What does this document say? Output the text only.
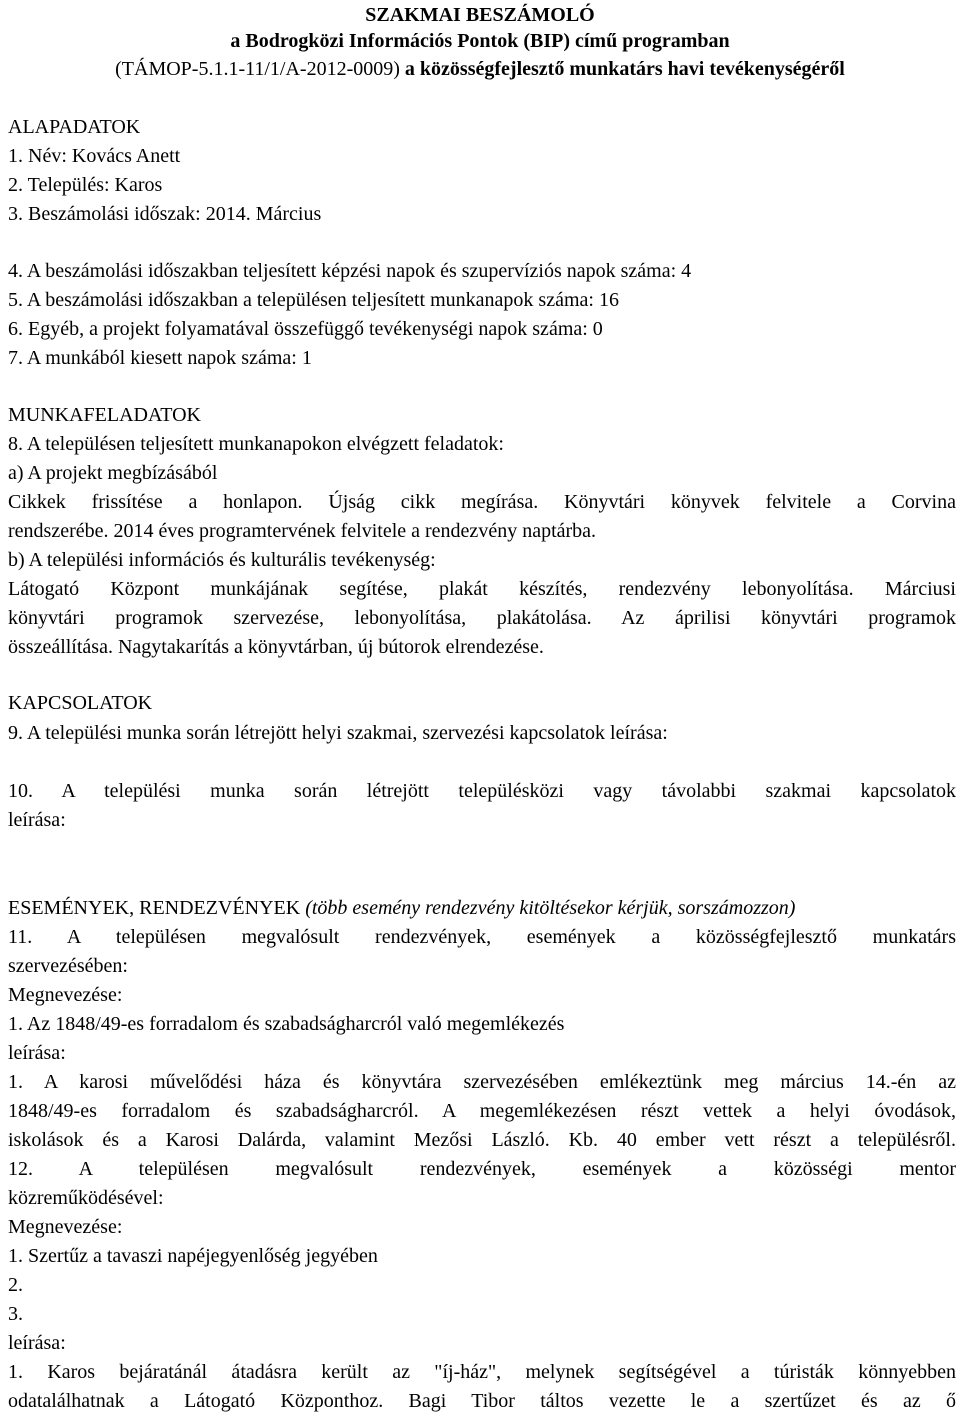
SZAKMAI BESZÁMOLÓ
a Bodrogközi Információs Pontok (BIP) című programban
(TÁMOP-5.1.1-11/1/A-2012-0009) a közösségfejlesztő munkatárs havi tevékenységéről
ALAPADATOK
1. Név: Kovács Anett
2. Település: Karos
3. Beszámolási időszak: 2014. Március
4. A beszámolási időszakban teljesített képzési napok és szupervíziós napok száma: 4
5. A beszámolási időszakban a településen teljesített munkanapok száma: 16
6. Egyéb, a projekt folyamatával összefüggő tevékenységi napok száma: 0
7. A munkából kiesett napok száma: 1
MUNKAFELADATOK
8. A településen teljesített munkanapokon elvégzett feladatok:
a) A projekt megbízásából
Cikkek frissítése a honlapon. Újság cikk megírása. Könyvtári könyvek felvitele a Corvina
rendszerébe. 2014 éves programtervének felvitele a rendezvény naptárba.
b) A települési információs és kulturális tevékenység:
Látogató Központ munkájának segítése, plakát készítés, rendezvény lebonyolítása. Márciusi
könyvtári programok szervezése, lebonyolítása, plakátolása. Az áprilisi könyvtári programok
összeállítása. Nagytakarítás a könyvtárban, új bútorok elrendezése.
KAPCSOLATOK
9. A települési munka során létrejött helyi szakmai, szervezési kapcsolatok leírása:
10. A települési munka során létrejött településközi vagy távolabbi szakmai kapcsolatok
leírása:
ESEMÉNYEK, RENDEZVÉNYEK (több esemény rendezvény kitöltésekor kérjük, sorszámozzon)
11. A településen megvalósult rendezvények, események a közösségfejlesztő munkatárs
szervezésében:
Megnevezése:
1. Az 1848/49-es forradalom és szabadságharcról való megemlékezés
leírása:
1. A karosi művelődési háza és könyvtára szervezésében emlékeztünk meg március 14.-én az
1848/49-es forradalom és szabadságharcról. A megemlékezésen részt vettek a helyi óvodások,
iskolások és a Karosi Dalárda, valamint Mezősi László. Kb. 40 ember vett részt a településről.
12. A településen megvalósult rendezvények, események a közösségi mentor
közreműködésével:
Megnevezése:
1. Szertűz a tavaszi napéjegyenlőség jegyében
2.
3.
leírása:
1. Karos bejáratánál átadásra került az "íj-ház", melynek segítségével a túristák könnyebben
odatalálhatnak a Látogató Központhoz. Bagi Tibor táltos vezette le a szertűzet és az ő
